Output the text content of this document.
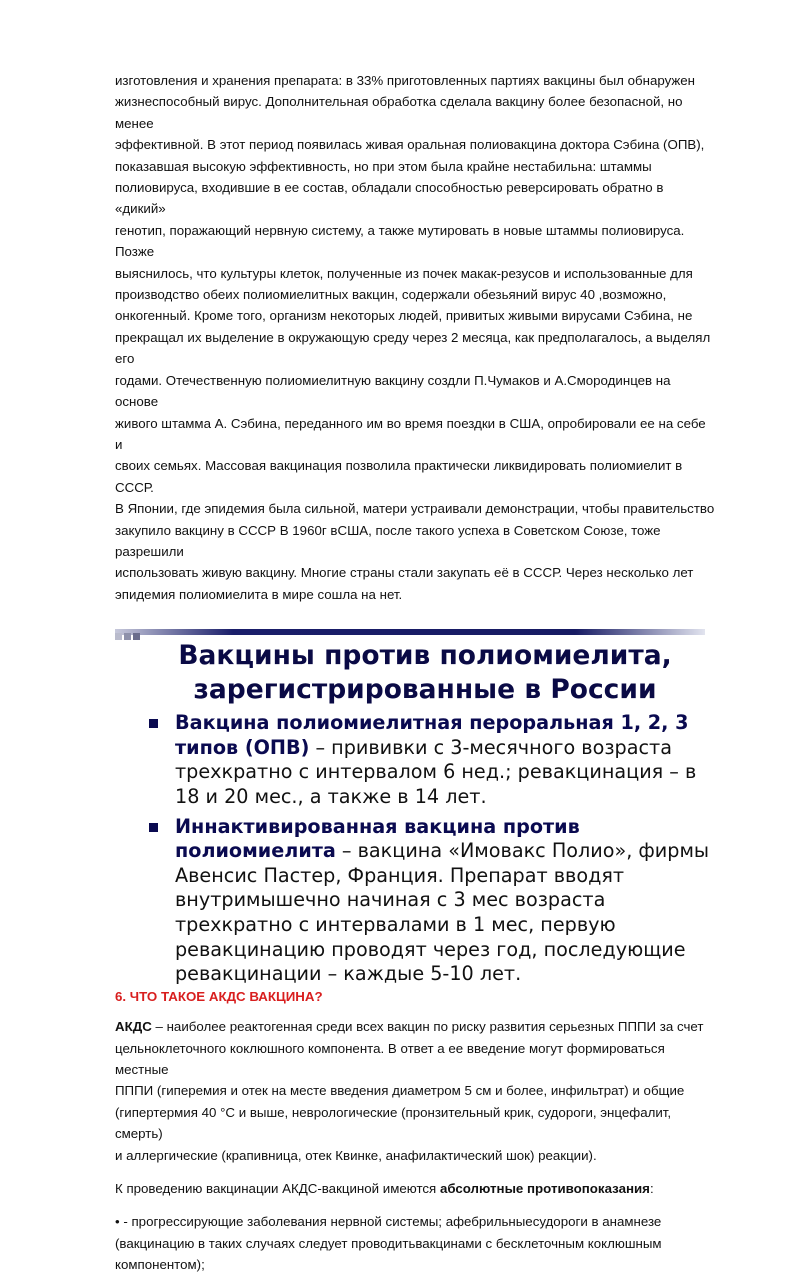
изготовления и хранения препарата: в 33% приготовленных партиях вакцины был обнаружен

жизнеспособный вирус. Дополнительная обработка сделала вакцину более безопасной, но менее

эффективной. В этот период появилась живая оральная полиовакцина доктора Сэбина (ОПВ),

показавшая высокую эффективность, но при этом была крайне нестабильна: штаммы

полиовируса, входившие в ее состав, обладали способностью реверсировать обратно в «дикий»

генотип, поражающий нервную систему, а также мутировать в новые штаммы полиовируса. Позже

выяснилось, что культуры клеток, полученные из почек макак-резусов и использованные для

производство обеих полиомиелитных вакцин, содержали обезьяний вирус 40 ,возможно,

онкогенный. Кроме того, организм некоторых людей, привитых живыми вирусами Сэбина, не

прекращал их выделение в окружающую среду через 2 месяца, как предполагалось, а выделял его

годами. Отечественную полиомиелитную вакцину создли П.Чумаков и А.Смородинцев на основе

живого штамма А. Сэбина, переданного им во время поездки в США, опробировали ее на себе и

своих семьях. Массовая вакцинация позволила практически ликвидировать полиомиелит в СССР.

В Японии, где эпидемия была сильной, матери устраивали демонстрации, чтобы правительство

закупило вакцину в СССР В 1960г вСША, после такого успеха в Советском Союзе, тоже разрешили

использовать живую вакцину. Многие страны стали закупать её в СССР. Через несколько лет

эпидемия полиомиелита в мире сошла на нет.

Вакцины против полиомиелита,
зарегистрированные в России
Вакцина полиомиелитная пероральная 1, 2, 3 типов (ОПВ) – прививки с 3-месячного возраста трехкратно с интервалом 6 нед.; ревакцинация – в 18 и 20 мес., а также в 14 лет.
Иннактивированная вакцина против полиомиелита – вакцина «Имовакс Полио», фирмы Авенсис Пастер, Франция. Препарат вводят внутримышечно начиная с 3 мес возраста трехкратно с интервалами в 1 мес, первую ревакцинацию проводят через год, последующие ревакцинации – каждые 5-10 лет.
6. ЧТО ТАКОЕ АКДС ВАКЦИНА?

АКДС – наиболее реактогенная среди всех вакцин по риску развития серьезных ПППИ за счет

цельноклеточного коклюшного компонента. В ответ а ее введение могут формироваться местные

ПППИ (гиперемия и отек на месте введения диаметром 5 см и более, инфильтрат) и общие

(гипертермия 40 °С и выше, неврологические (пронзительный крик, судороги, энцефалит, смерть)

и аллергические (крапивница, отек Квинке, анафилактический шок) реакции).

К проведению вакцинации АКДС-вакциной имеются абсолютные противопоказания:

• - прогрессирующие заболевания нервной системы; афебрильныесудороги в анамнезе

(вакцинацию в таких случаях следует проводитьвакцинами с бесклеточным коклюшным

компонентом);
